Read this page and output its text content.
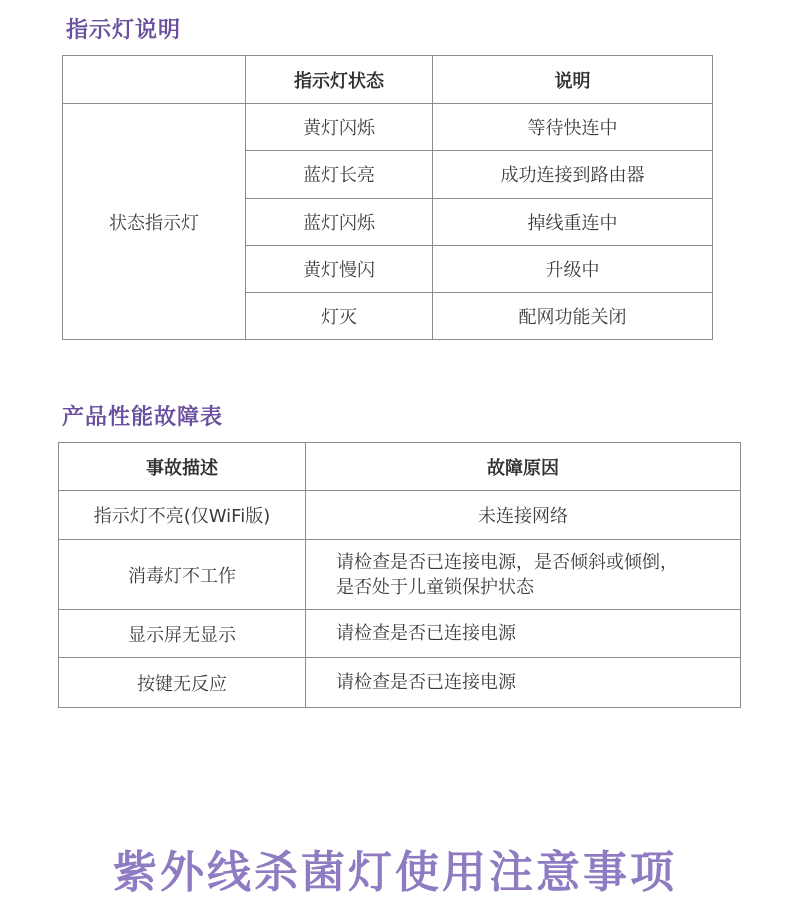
指示灯说明
	指示灯状态	说明
状态指示灯	黄灯闪烁	等待快连中
	蓝灯长亮	成功连接到路由器
	蓝灯闪烁	掉线重连中
	黄灯慢闪	升级中
	灯灭	配网功能关闭
产品性能故障表
事故描述	故障原因
指示灯不亮(仅WiFi版)	未连接网络
消毒灯不工作	请检查是否已连接电源，是否倾斜或倾倒，
是否处于儿童锁保护状态

显示屏无显示	请检查是否已连接电源
按键无反应	请检查是否已连接电源
紫外线杀菌灯使用注意事项
